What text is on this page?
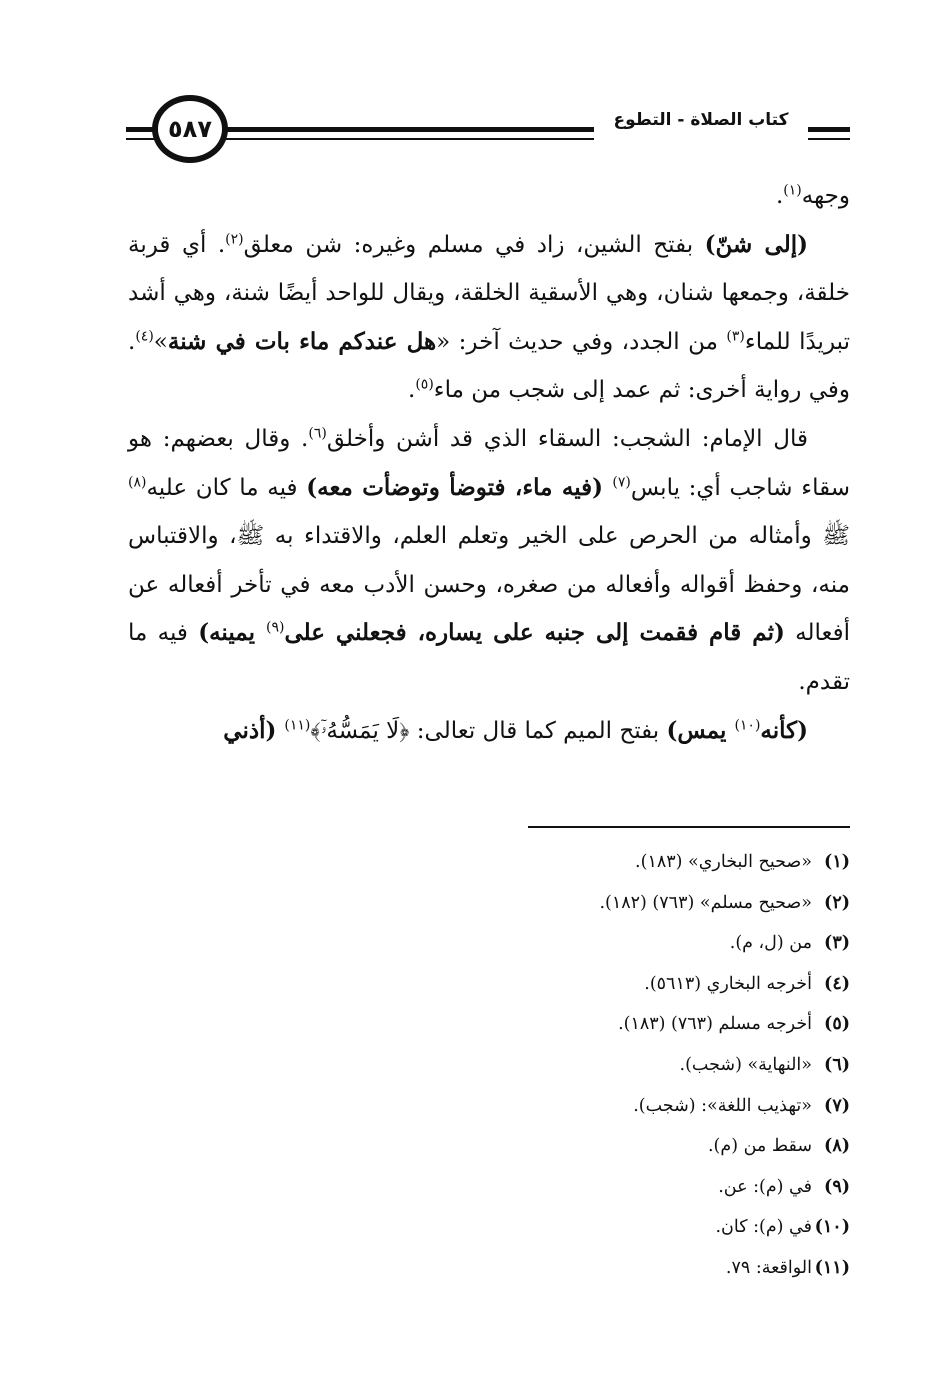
٥٨٧	كتاب الصلاة - التطوع

وجهه$^{(١)}$.

(إلى شنّ) بفتح الشين، زاد في مسلم وغيره: شن معلق$^{(٢)}$. أي قربة خلقة، وجمعها شنان، وهي الأسقية الخلقة، ويقال للواحد أيضًا شنة، وهي أشد تبريدًا للماء$^{(٣)}$ من الجدد، وفي حديث آخر: «هل عندكم ماء بات في شنة»$^{(٤)}$. وفي رواية أخرى: ثم عمد إلى شجب من ماء$^{(٥)}$.

قال الإمام: الشجب: السقاء الذي قد أشن وأخلق$^{(٦)}$. وقال بعضهم: هو سقاء شاجب أي: يابس$^{(٧)}$ (فيه ماء، فتوضأ وتوضأت معه) فيه ما كان عليه$^{(٨)}$ ﷺ وأمثاله من الحرص على الخير وتعلم العلم، والاقتداء به ﷺ، والاقتباس منه، وحفظ أقواله وأفعاله من صغره، وحسن الأدب معه في تأخر أفعاله عن أفعاله (ثم قام فقمت إلى جنبه على يساره، فجعلني على$^{(٩)}$ يمينه) فيه ما تقدم.

(كأنه$^{(١٠)}$ يمس) بفتح الميم كما قال تعالى: ﴿لَا يَمَسُّهُۥٓ﴾$^{(١١)}$ (أذني

(١)«صحيح البخاري» (١٨٣).
(٢)«صحيح مسلم» (٧٦٣) (١٨٢).
(٣)من (ل، م).
(٤)أخرجه البخاري (٥٦١٣).
(٥)أخرجه مسلم (٧٦٣) (١٨٣).
(٦)«النهاية» (شجب).
(٧)«تهذيب اللغة»: (شجب).
(٨)سقط من (م).
(٩)في (م): عن.
(١٠)في (م): كان.
(١١)الواقعة: ٧٩.
